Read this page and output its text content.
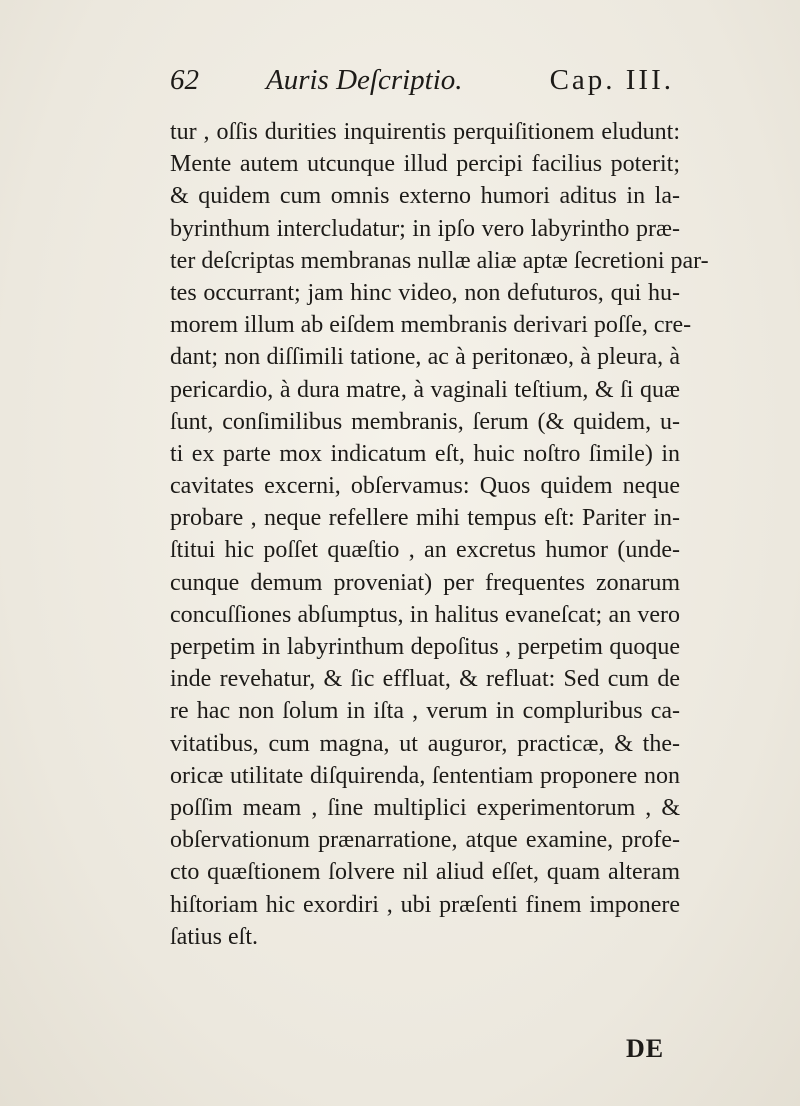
62 Auris Deſcriptio.	Cap. III.
tur , oſſis durities inquirentis perquiſitionem eludunt:
Mente autem utcunque illud percipi facilius poterit;
& quidem cum omnis externo humori aditus in la-
byrinthum intercludatur; in ipſo vero labyrintho præ-
ter deſcriptas membranas nullæ aliæ aptæ ſecretioni par-
tes occurrant; jam hinc video, non defuturos, qui hu-
morem illum ab eiſdem membranis derivari poſſe, cre-
dant; non diſſimili tatione, ac à peritonæo, à pleura, à
pericardio, à dura matre, à vaginali teſtium, & ſi quæ
ſunt, conſimilibus membranis, ſerum (& quidem, u-
ti ex parte mox indicatum eſt, huic noſtro ſimile) in
cavitates excerni, obſervamus: Quos quidem neque
probare , neque refellere mihi tempus eſt: Pariter in-
ſtitui hic poſſet quæſtio , an excretus humor (unde-
cunque demum proveniat) per frequentes zonarum
concuſſiones abſumptus, in halitus evaneſcat; an vero
perpetim in labyrinthum depoſitus , perpetim quoque
inde revehatur, & ſic effluat, & refluat: Sed cum de
re hac non ſolum in iſta , verum in compluribus ca-
vitatibus, cum magna, ut auguror, practicæ, & the-
oricæ utilitate diſquirenda, ſententiam proponere non
poſſim meam , ſine multiplici experimentorum , &
obſervationum prænarratione, atque examine, profe-
cto quæſtionem ſolvere nil aliud eſſet, quam alteram
hiſtoriam hic exordiri , ubi præſenti finem imponere
ſatius eſt.
DE
